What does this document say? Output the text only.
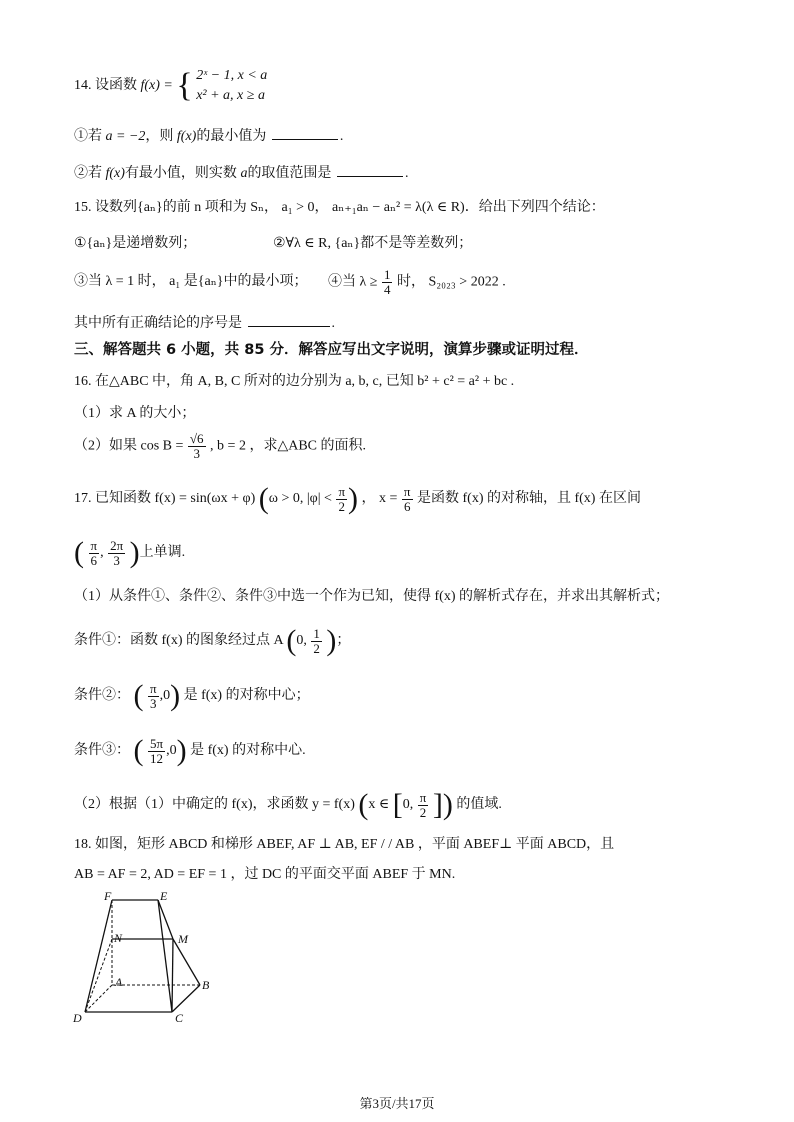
14. 设函数 f(x) = { 2ˣ − 1, x < a
x² + a, x ≥ a
①若 a = −2，则 f(x)的最小值为	.
②若 f(x)有最小值，则实数 a的取值范围是	.
15. 设数列{aₙ}的前 n 项和为 Sₙ， a₁ > 0， aₙ₊₁aₙ − aₙ² = λ(λ ∈ R)．给出下列四个结论：
①{aₙ}是递增数列；	②∀λ ∈ R, {aₙ}都不是等差数列；
③当 λ = 1 时， a₁ 是{aₙ}中的最小项； ④当 $\lambda \ge \frac{1}{4}$ 时， S₂₀₂₃ > 2022 .
其中所有正确结论的序号是	.
三、解答题共 6 小题，共 85 分．解答应写出文字说明，演算步骤或证明过程．
16. 在△ABC 中，角 A, B, C 所对的边分别为 a, b, c, 已知 b² + c² = a² + bc .
（1）求 A 的大小；
（2）如果 $\cos B = \frac{√6}{3}$ , b = 2 ，求△ABC 的面积.
17. 已知函数 f(x) = sin(ωx + φ) (ω > 0, $|\varphi| < \frac{\pi}{2}$ ) ， $x = \frac{\pi}{6}$ 是函数 f(x) 的对称轴，且 f(x) 在区间
( $\frac{\pi}{6}$ , $\frac{2\pi}{3}$ )上单调.
（1）从条件①、条件②、条件③中选一个作为已知，使得 f(x) 的解析式存在，并求出其解析式；
条件①：函数 f(x) 的图象经过点 A (0, $\frac{1}{2}$ )；
条件②： ( $\frac{\pi}{3} ,0$) 是 f(x) 的对称中心；
条件③： ( $\frac{5\pi}{12} ,0$) 是 f(x) 的对称中心.
（2）根据（1）中确定的 f(x)，求函数 y = f(x) (x ∈ [0, $\frac{\pi}{2}$ ]) 的值域.
18. 如图，矩形 ABCD 和梯形 ABEF, AF ⊥ AB, EF / / AB ，平面 ABEF⊥ 平面 ABCD，且
AB = AF = 2, AD = EF = 1 ，过 DC 的平面交平面 ABEF 于 MN.
F	E
N	M
A	B
D	C
第3页/共17页
